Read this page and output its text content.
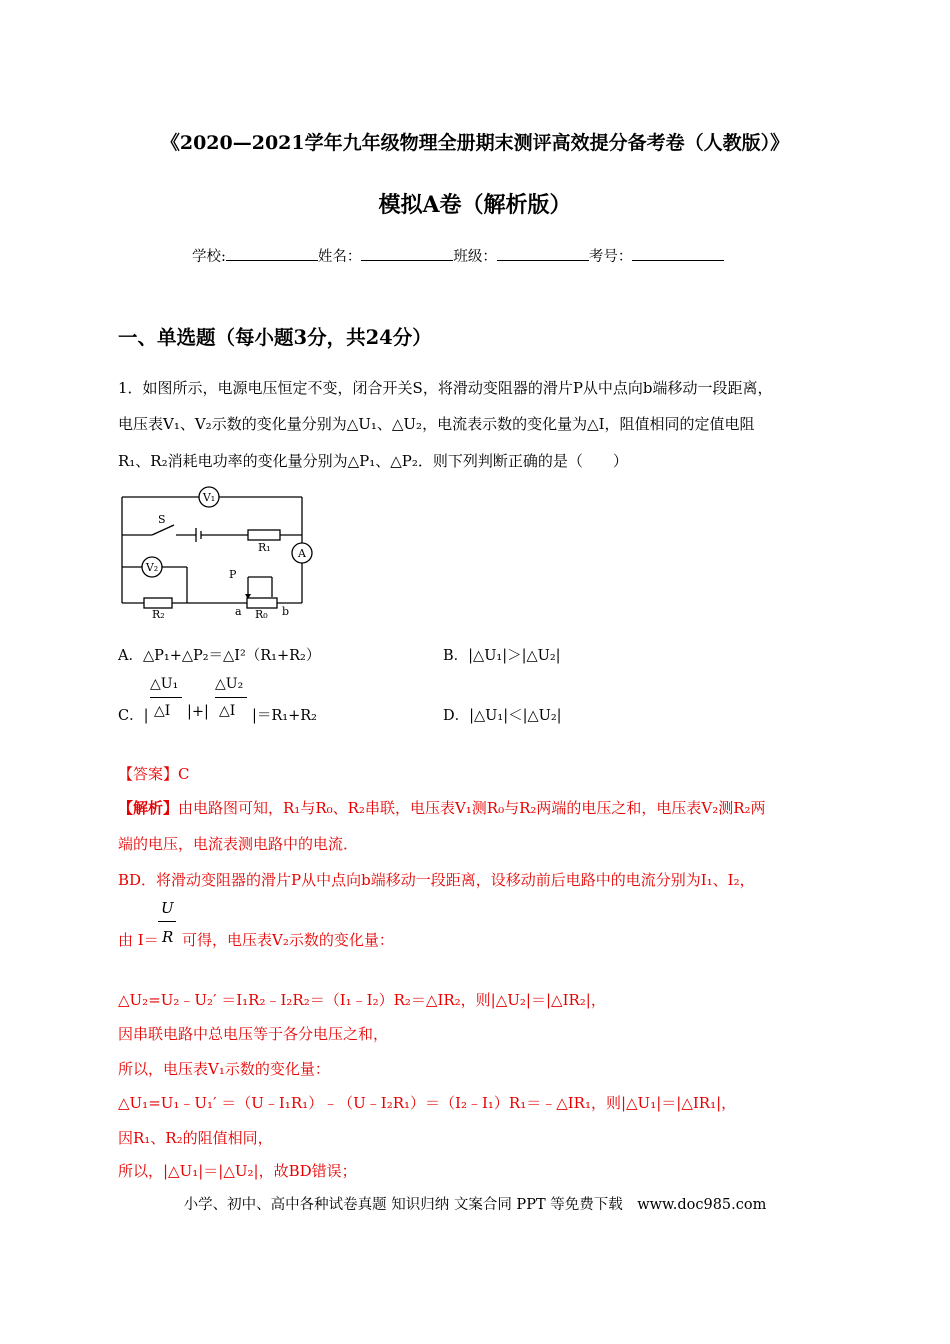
《2020—2021学年九年级物理全册期末测评高效提分备考卷（人教版）》
模拟A卷（解析版）
学校:	姓名：	班级：	考号：
一、单选题（每小题3分，共24分）
1．如图所示，电源电压恒定不变，闭合开关S，将滑动变阻器的滑片P从中点向b端移动一段距离，
电压表V₁、V₂示数的变化量分别为△U₁、△U₂，电流表示数的变化量为△I，阻值相同的定值电阻
R₁、R₂消耗电功率的变化量分别为△P₁、△P₂．则下列判断正确的是（　　）
V₁
V₂
A
S
R₁
R₂	R₀
P
a	b
A．△P₁+△P₂＝△I²（R₁+R₂）	B．|△U₁|＞|△U₂|
C．|
△U₁
△I |+|
△U₂
△I |＝R₁+R₂	D．|△U₁|＜|△U₂|
【答案】C
【解析】由电路图可知，R₁与R₀、R₂串联，电压表V₁测R₀与R₂两端的电压之和，电压表V₂测R₂两
端的电压，电流表测电路中的电流．
BD．将滑动变阻器的滑片P从中点向b端移动一段距离，设移动前后电路中的电流分别为I₁、I₂，
由 I＝
U
R 可得，电压表V₂示数的变化量：
△U₂=U₂﹣U₂′ ＝I₁R₂﹣I₂R₂＝（I₁﹣I₂）R₂＝△IR₂，则|△U₂|＝|△IR₂|，
因串联电路中总电压等于各分电压之和，
所以，电压表V₁示数的变化量：
△U₁=U₁﹣U₁′ ＝（U﹣I₁R₁）﹣（U﹣I₂R₁）＝（I₂﹣I₁）R₁＝﹣△IR₁，则|△U₁|＝|△IR₁|，
因R₁、R₂的阻值相同，
所以，|△U₁|＝|△U₂|，故BD错误；
小学、初中、高中各种试卷真题 知识归纳 文案合同 PPT 等免费下载　www.doc985.com
